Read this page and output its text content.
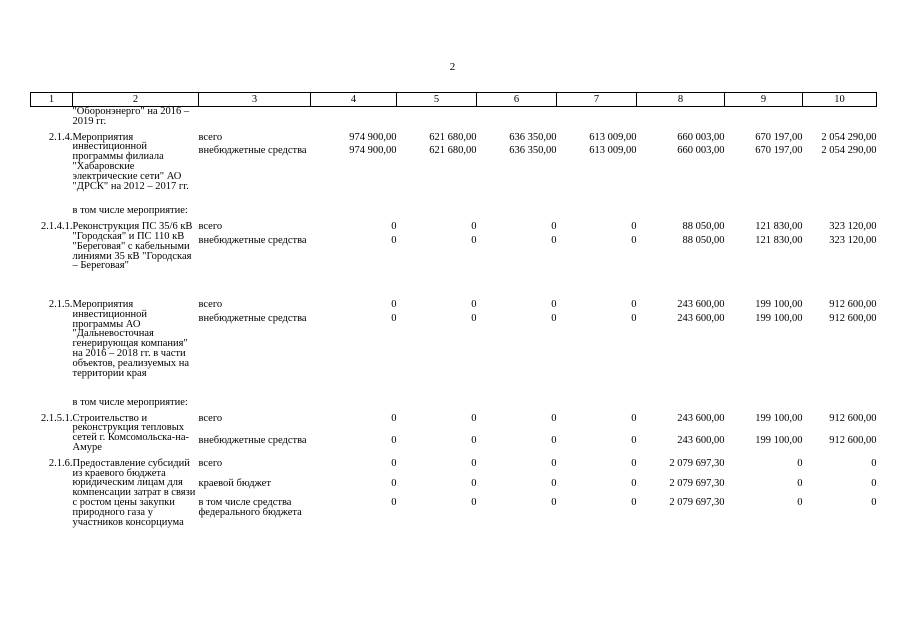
2
1	2	3	4	5	6	7	8	9	10
	"Оборонэнерго" на 2016 – 2019 гг.								
2.1.4.	Мероприятия инвестиционной программы филиала "Хабаровские электрические сети" АО "ДРСК" на 2012 – 2017 гг.	всего	974 900,00	621 680,00	636 350,00	613 009,00	660 003,00	670 197,00	2 054 290,00
		внебюджетные средства	974 900,00	621 680,00	636 350,00	613 009,00	660 003,00	670 197,00	2 054 290,00
	в том числе мероприятие:								
2.1.4.1.	Реконструкция ПС 35/6 кВ "Городская" и ПС 110 кВ "Береговая" с кабельными линиями 35 кВ "Городская – Береговая"	всего	0	0	0	0	88 050,00	121 830,00	323 120,00
		внебюджетные средства	0	0	0	0	88 050,00	121 830,00	323 120,00
2.1.5.	Мероприятия инвестиционной программы АО "Дальневосточная генерирующая компания" на 2016 – 2018 гг. в части объектов, реализуемых на территории края	всего	0	0	0	0	243 600,00	199 100,00	912 600,00
		внебюджетные средства	0	0	0	0	243 600,00	199 100,00	912 600,00
	в том числе мероприятие:								
2.1.5.1.	Строительство и реконструкция тепловых сетей г. Комсомольска-на-Амуре	всего	0	0	0	0	243 600,00	199 100,00	912 600,00
		внебюджетные средства	0	0	0	0	243 600,00	199 100,00	912 600,00
2.1.6.	Предоставление субсидий из краевого бюджета юридическим лицам для компенсации затрат в связи с ростом цены закупки природного газа у участников консорциума	всего	0	0	0	0	2 079 697,30	0	0
		краевой бюджет	0	0	0	0	2 079 697,30	0	0
		в том числе средства федерального бюджета	0	0	0	0	2 079 697,30	0	0
